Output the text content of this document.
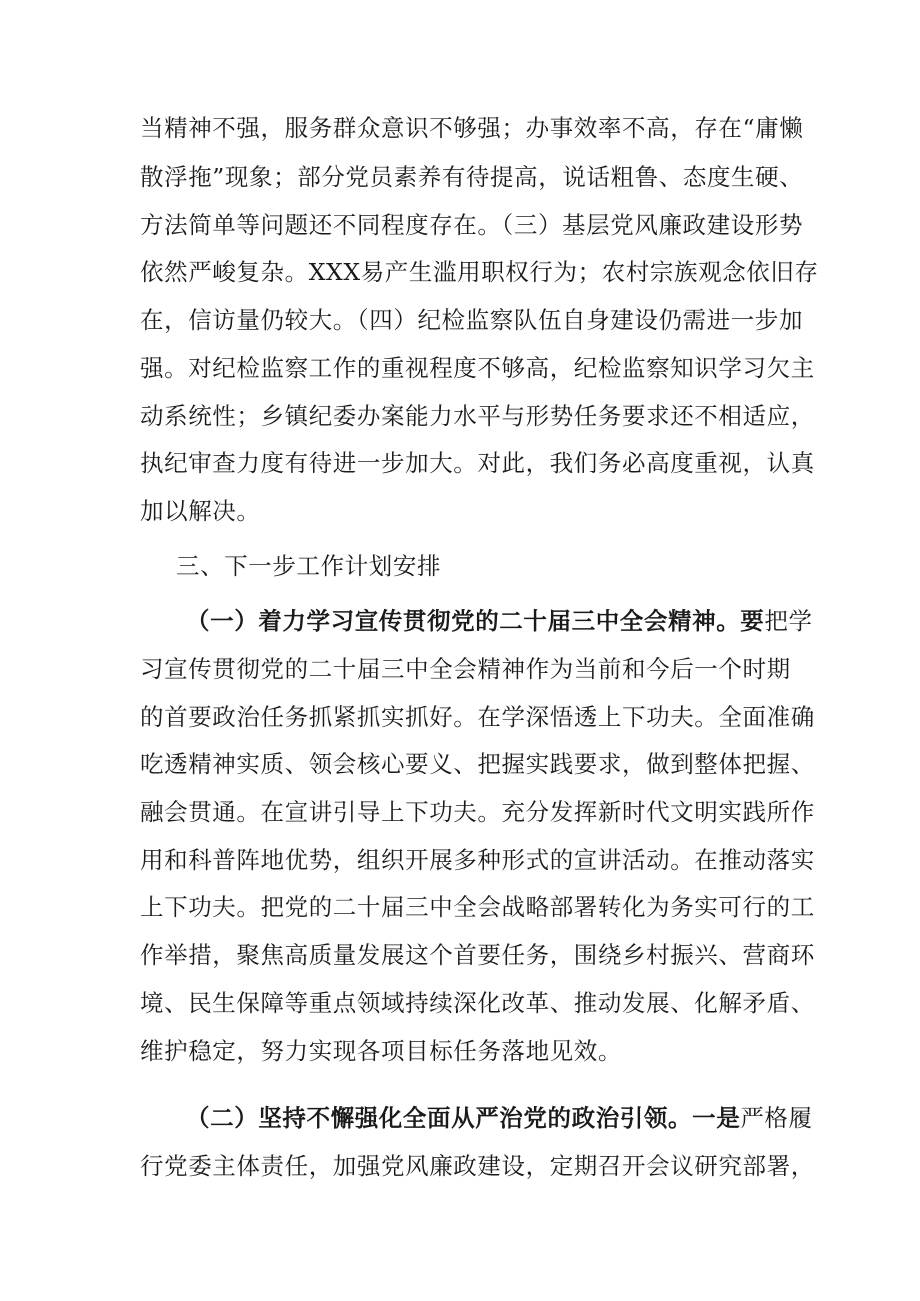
当精神不强，服务群众意识不够强；办事效率不高，存在“庸懒
散浮拖”现象；部分党员素养有待提高，说话粗鲁、态度生硬、
方法简单等问题还不同程度存在。（三）基层党风廉政建设形势
依然严峻复杂。XXX易产生滥用职权行为；农村宗族观念依旧存
在，信访量仍较大。（四）纪检监察队伍自身建设仍需进一步加
强。对纪检监察工作的重视程度不够高，纪检监察知识学习欠主
动系统性；乡镇纪委办案能力水平与形势任务要求还不相适应，
执纪审查力度有待进一步加大。对此，我们务必高度重视，认真
加以解决。
三、下一步工作计划安排
（一）着力学习宣传贯彻党的二十届三中全会精神。要把学
习宣传贯彻党的二十届三中全会精神作为当前和今后一个时期
的首要政治任务抓紧抓实抓好。在学深悟透上下功夫。全面准确
吃透精神实质、领会核心要义、把握实践要求，做到整体把握、
融会贯通。在宣讲引导上下功夫。充分发挥新时代文明实践所作
用和科普阵地优势，组织开展多种形式的宣讲活动。在推动落实
上下功夫。把党的二十届三中全会战略部署转化为务实可行的工
作举措，聚焦高质量发展这个首要任务，围绕乡村振兴、营商环
境、民生保障等重点领域持续深化改革、推动发展、化解矛盾、
维护稳定，努力实现各项目标任务落地见效。
（二）坚持不懈强化全面从严治党的政治引领。一是严格履
行党委主体责任，加强党风廉政建设，定期召开会议研究部署，
